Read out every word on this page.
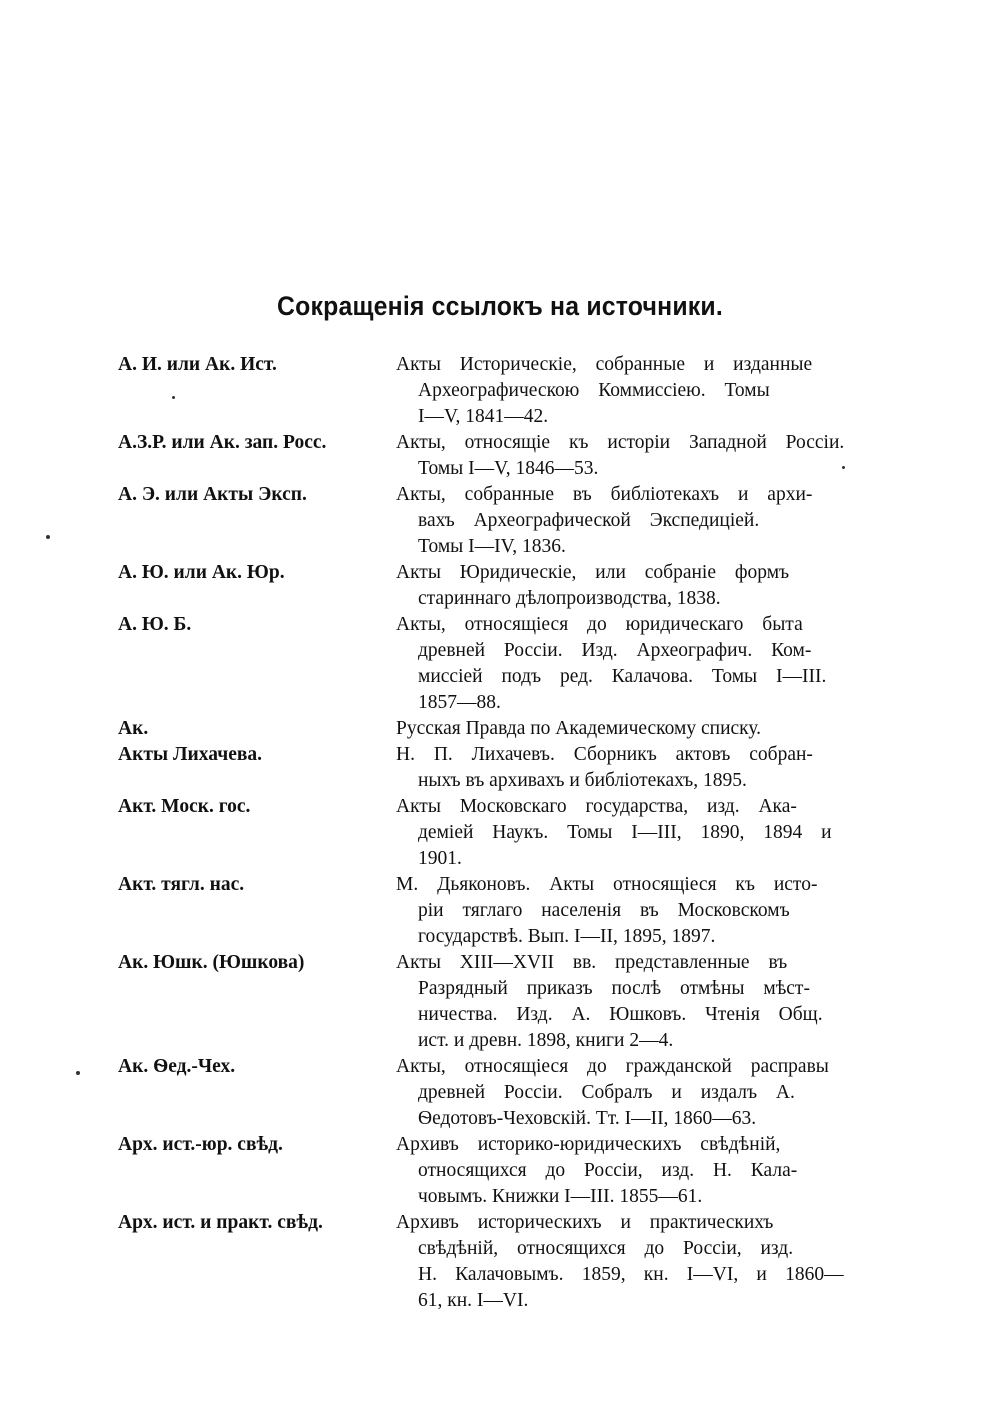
Сокращенія ссылокъ на источники.
А. И. или Ак. Ист.	Акты Историческіе, собранные и изданные
Археографическою Коммиссіею. Томы
I—V, 1841—42.
А.З.Р. или Ак. зап. Росс.	Акты, относящіе къ исторіи Западной Россіи.
Томы I—V, 1846—53.
А. Э. или Акты Эксп.	Акты, собранные въ библіотекахъ и архи-
вахъ Археографической Экспедиціей.
Томы I—IV, 1836.
А. Ю. или Ак. Юр.	Акты Юридическіе, или собраніе формъ
стариннаго дѣлопроизводства, 1838.
А. Ю. Б.	Акты, относящіеся до юридическаго быта
древней Россіи. Изд. Археографич. Ком-
миссіей подъ ред. Калачова. Томы I—III.
1857—88.
Ак.	Русская Правда по Академическому списку.
Акты Лихачева.	Н. П. Лихачевъ. Сборникъ актовъ собран-
ныхъ въ архивахъ и библіотекахъ, 1895.
Акт. Моск. гос.	Акты Московскаго государства, изд. Ака-
деміей Наукъ. Томы I—III, 1890, 1894 и
1901.
Акт. тягл. нас.	М. Дьяконовъ. Акты относящіеся къ исто-
ріи тяглаго населенія въ Московскомъ
государствѣ. Вып. I—II, 1895, 1897.
Ак. Юшк. (Юшкова)	Акты XIII—XVII вв. представленные въ
Разрядный приказъ послѣ отмѣны мѣст-
ничества. Изд. А. Юшковъ. Чтенія Общ.
ист. и древн. 1898, книги 2—4.
Ак. Ѳед.-Чех.	Акты, относящіеся до гражданской расправы
древней Россіи. Собралъ и издалъ А.
Ѳедотовъ-Чеховскій. Тт. I—II, 1860—63.
Арх. ист.-юр. свѣд.	Архивъ историко-юридическихъ свѣдѣній,
относящихся до Россіи, изд. Н. Кала-
човымъ. Книжки I—III. 1855—61.
Арх. ист. и практ. свѣд.	Архивъ историческихъ и практическихъ
свѣдѣній, относящихся до Россіи, изд.
Н. Калачовымъ. 1859, кн. I—VI, и 1860—
61, кн. I—VI.
